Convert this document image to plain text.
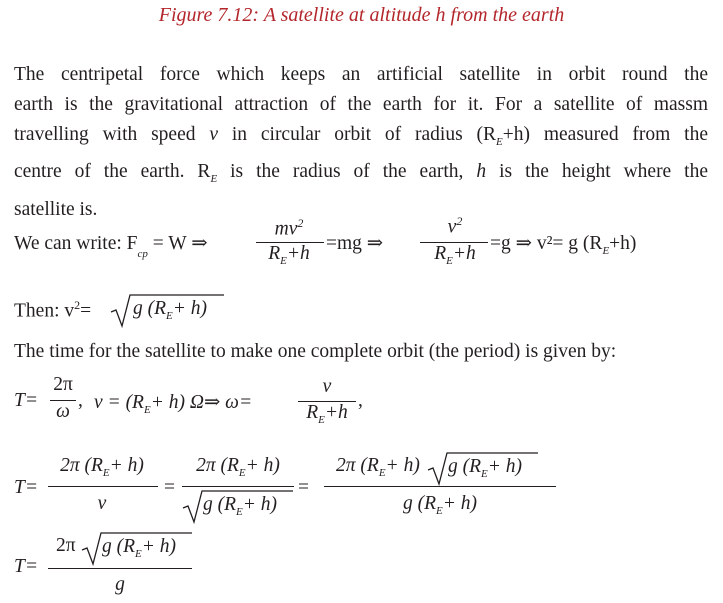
Figure 7.12: A satellite at altitude h from the earth
The centripetal force which keeps an artificial satellite in orbit round the
earth is the gravitational attraction of the earth for it. For a satellite of massm
travelling with speed v in circular orbit of radius $(R_E+h)$ measured from the
centre of the earth. $R_E$ is the radius of the earth, h is the height where the
satellite is.
We can write: $F_{cp} = W$ ⇒
$mv^2$
$R_E+h =mg$ ⇒
$v^2$
$R_E+h =g$ ⇒ v²= g $(R_E+h)$
Then: $v^2= g$ $(R_E+ h)$
The time for the satellite to make one complete orbit (the period) is given by:
T=
2π
ω
, $v = (R_E+ h)$ Ω⇒ ω=
v
$R_E+h$
,
T=
2π $(R_E+ h)$
v
=
2π $(R_E+ h)$
g $(R_E+ h)$
=
2π $(R_E+ h)$ g $(R_E+ h)$
g $(R_E+ h)$
T=
2π g $(R_E+ h)$
g
